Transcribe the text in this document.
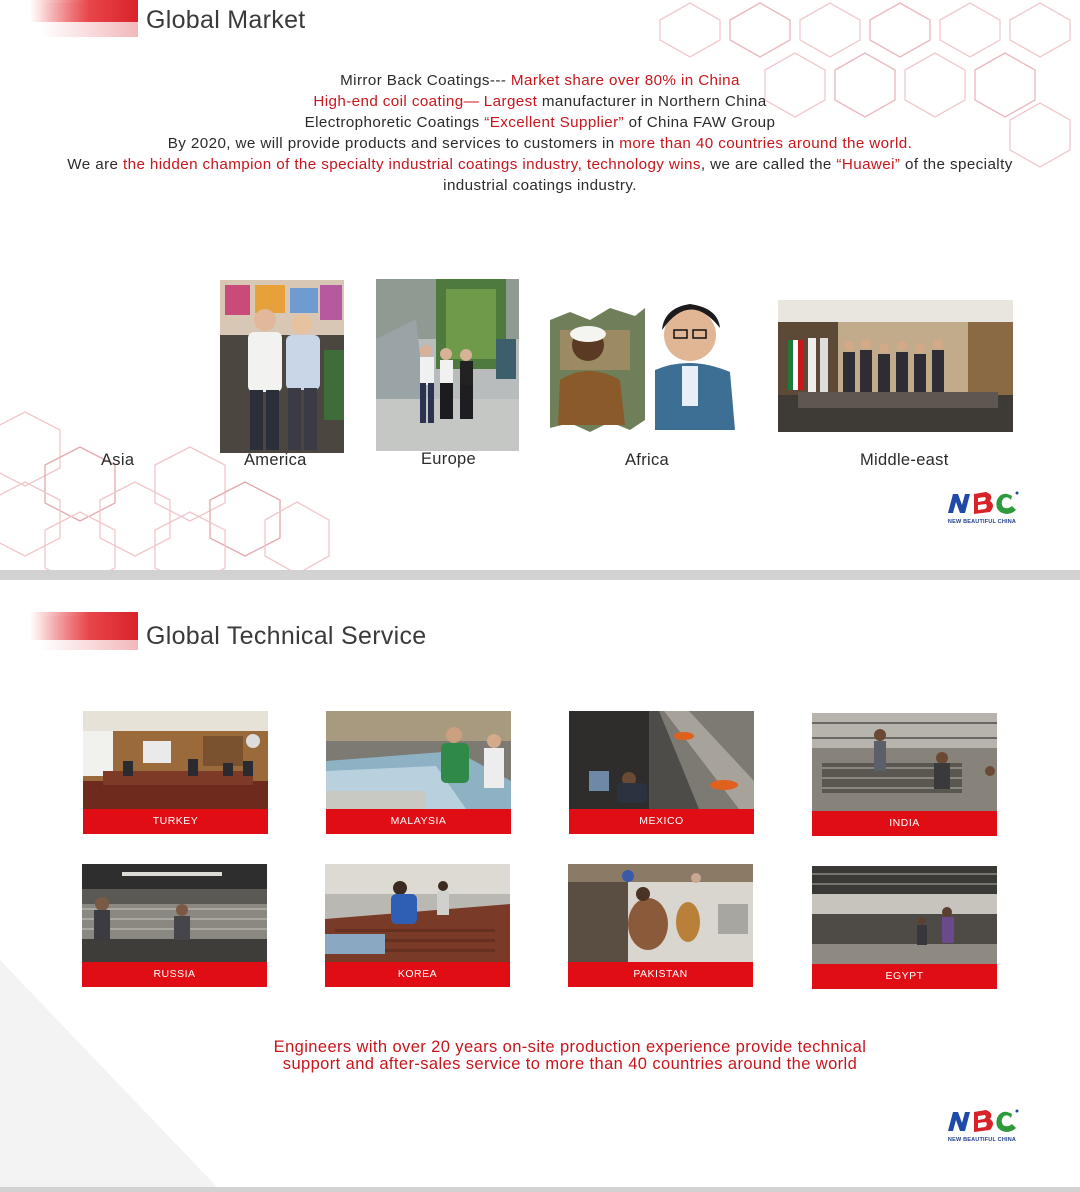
Global Market
Mirror Back Coatings--- Market share over 80% in China
High-end coil coating— Largest manufacturer in Northern China
Electrophoretic Coatings “Excellent Supplier” of China FAW Group
By 2020, we will provide products and services to customers in more than 40 countries around the world.
We are the hidden champion of the specialty industrial coatings industry, technology wins, we are called the “Huawei” of the specialty industrial coatings industry.
Asia	America	Europe	Africa	Middle-east
NEW BEAUTIFUL CHINA
Global Technical Service
TURKEY	MALAYSIA	MEXICO	INDIA
RUSSIA	KOREA	PAKISTAN	EGYPT
Engineers with over 20 years on-site production experience provide technical
support and after-sales service to more than 40 countries around the world
NEW BEAUTIFUL CHINA
